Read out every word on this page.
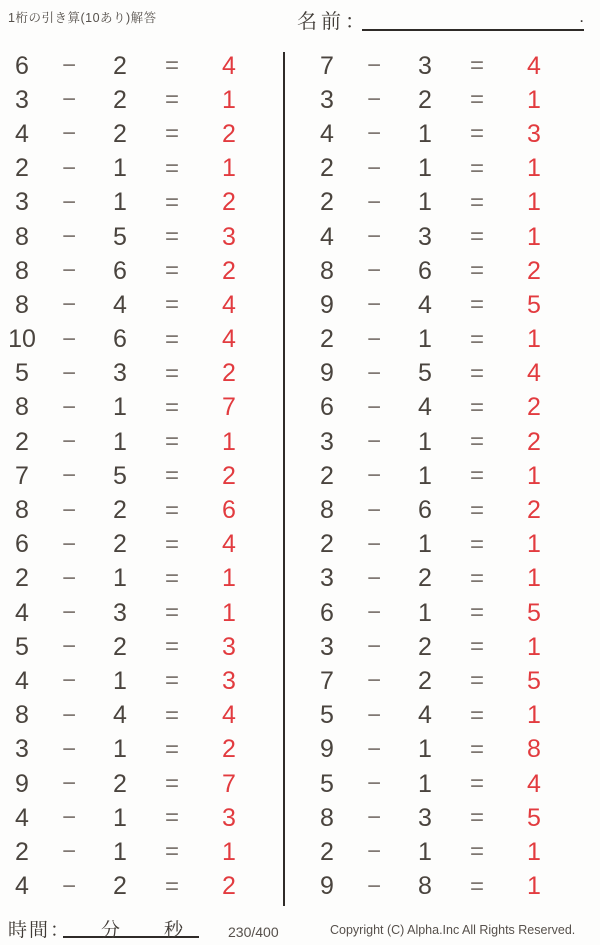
1桁の引き算(10あり)解答	名前：	.
6	−	2	=	4
3	−	2	=	1
4	−	2	=	2
2	−	1	=	1
3	−	1	=	2
8	−	5	=	3
8	−	6	=	2
8	−	4	=	4
10	−	6	=	4
5	−	3	=	2
8	−	1	=	7
2	−	1	=	1
7	−	5	=	2
8	−	2	=	6
6	−	2	=	4
2	−	1	=	1
4	−	3	=	1
5	−	2	=	3
4	−	1	=	3
8	−	4	=	4
3	−	1	=	2
9	−	2	=	7
4	−	1	=	3
2	−	1	=	1
4	−	2	=	2
7	−	3	=	4
3	−	2	=	1
4	−	1	=	3
2	−	1	=	1
2	−	1	=	1
4	−	3	=	1
8	−	6	=	2
9	−	4	=	5
2	−	1	=	1
9	−	5	=	4
6	−	4	=	2
3	−	1	=	2
2	−	1	=	1
8	−	6	=	2
2	−	1	=	1
3	−	2	=	1
6	−	1	=	5
3	−	2	=	1
7	−	2	=	5
5	−	4	=	1
9	−	1	=	8
5	−	1	=	4
8	−	3	=	5
2	−	1	=	1
9	−	8	=	1
時間： 分 秒	230/400	Copyright (C) Alpha.Inc All Rights Reserved.
